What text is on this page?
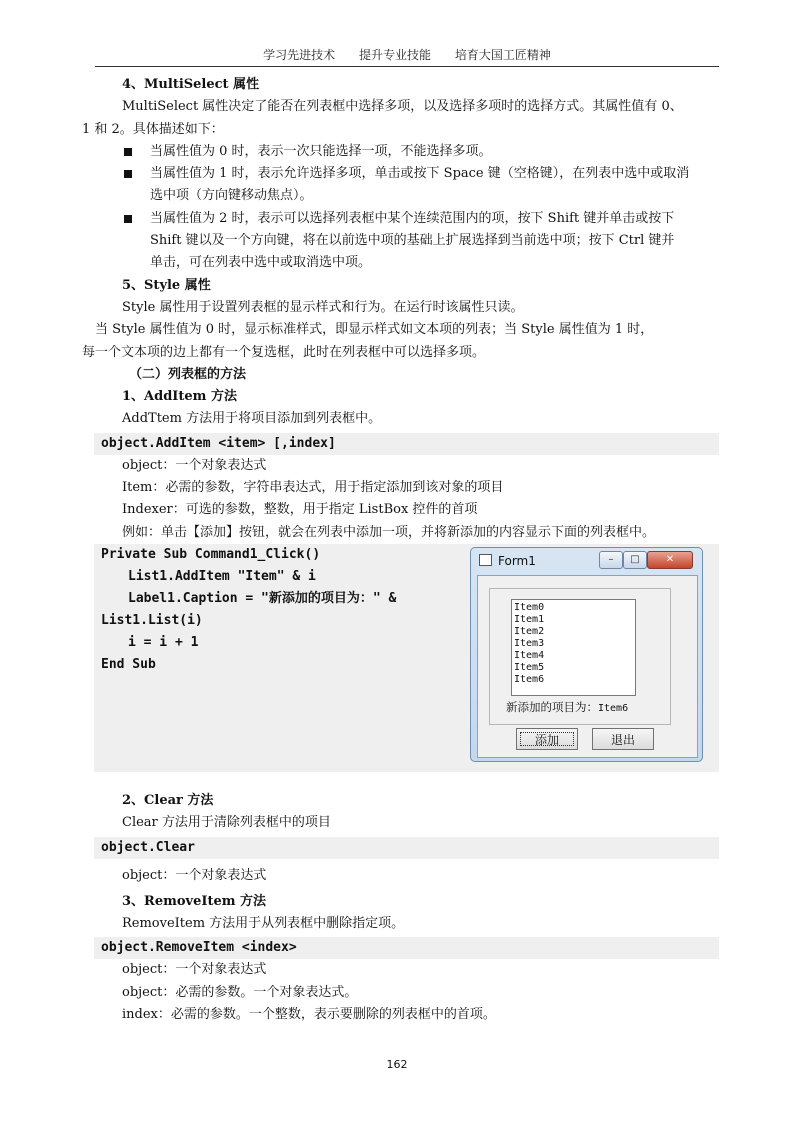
学习先进技术 提升专业技能 培育大国工匠精神
4、MultiSelect 属性
MultiSelect 属性决定了能否在列表框中选择多项，以及选择多项时的选择方式。其属性值有 0、
1 和 2。具体描述如下：
当属性值为 0 时，表示一次只能选择一项，不能选择多项。
当属性值为 1 时，表示允许选择多项，单击或按下 Space 键（空格键），在列表中选中或取消
选中项（方向键移动焦点）。
当属性值为 2 时，表示可以选择列表框中某个连续范围内的项，按下 Shift 键并单击或按下
Shift 键以及一个方向键，将在以前选中项的基础上扩展选择到当前选中项；按下 Ctrl 键并
单击，可在列表中选中或取消选中项。
5、Style 属性
Style 属性用于设置列表框的显示样式和行为。在运行时该属性只读。
当 Style 属性值为 0 时，显示标准样式，即显示样式如文本项的列表；当 Style 属性值为 1 时，
每一个文本项的边上都有一个复选框，此时在列表框中可以选择多项。
（二）列表框的方法
1、AddItem 方法
AddTtem 方法用于将项目添加到列表框中。
object.AddItem <item> [,index]
object：一个对象表达式
Item：必需的参数，字符串表达式，用于指定添加到该对象的项目
Indexer：可选的参数，整数，用于指定 ListBox 控件的首项
例如：单击【添加】按钮，就会在列表中添加一项，并将新添加的内容显示下面的列表框中。
Private Sub Command1_Click()
List1.AddItem "Item" & i
Label1.Caption = "新添加的项目为：" &
List1.List(i)
i = i + 1
End Sub
Form1	–	□	✕
Item0
Item1
Item2
Item3
Item4
Item5
Item6
新添加的项目为：Item6
添加	退出
2、Clear 方法
Clear 方法用于清除列表框中的项目
object.Clear
object：一个对象表达式
3、RemoveItem 方法
RemoveItem 方法用于从列表框中删除指定项。
object.RemoveItem <index>
object：一个对象表达式
object：必需的参数。一个对象表达式。
index：必需的参数。一个整数，表示要删除的列表框中的首项。
162
